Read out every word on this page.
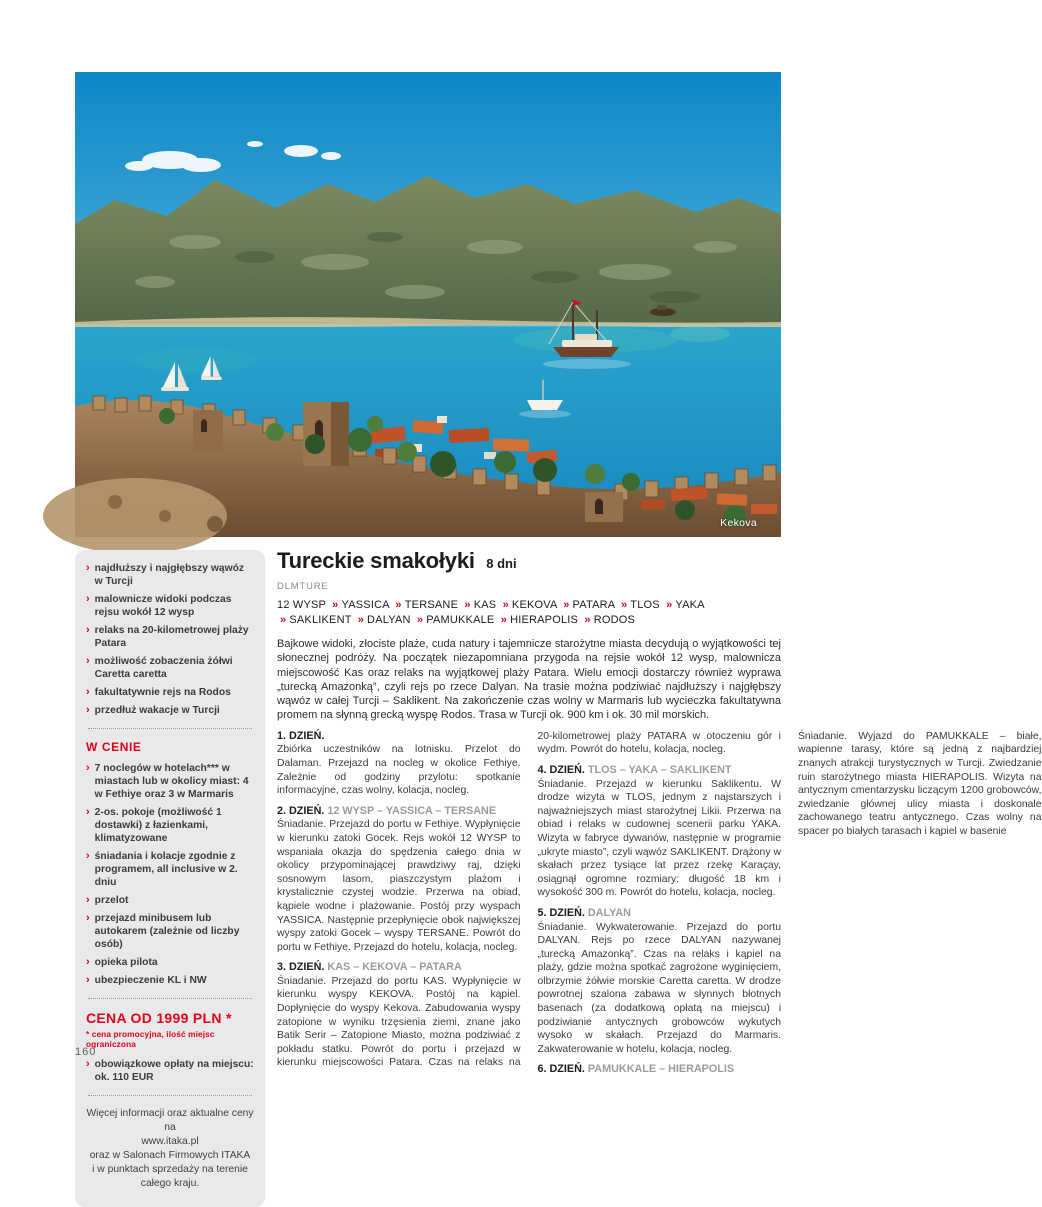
Kekova
› najdłuższy i najgłębszy wąwóz w Turcji
› malownicze widoki podczas rejsu wokół 12 wysp
› relaks na 20-kilometrowej plaży Patara
› możliwość zobaczenia żółwi Caretta caretta
› fakultatywnie rejs na Rodos
› przedłuż wakacje w Turcji
W CENIE
› 7 noclegów w hotelach*** w miastach lub w okolicy miast: 4 w Fethiye oraz 3 w Marmaris
› 2-os. pokoje (możliwość 1 dostawki) z łazienkami, klimatyzowane
› śniadania i kolacje zgodnie z programem, all inclusive w 2. dniu
› przelot
› przejazd minibusem lub autokarem (zależnie od liczby osób)
› opieka pilota
› ubezpieczenie KL i NW
CENA OD 1999 PLN *
* cena promocyjna, ilość miejsc ograniczona
› obowiązkowe opłaty na miejscu: ok. 110 EUR
Więcej informacji oraz aktualne ceny na
www.itaka.pl
oraz w Salonach Firmowych ITAKA
i w punktach sprzedaży na terenie
całego kraju.
Tureckie smakołyki 8 dni
DLMTURE
12 WYSP » YASSICA » TERSANE » KAS » KEKOVA » PATARA » TLOS » YAKA » SAKLIKENT » DALYAN » PAMUKKALE » HIERAPOLIS » RODOS
Bajkowe widoki, złociste plaże, cuda natury i tajemnicze starożytne miasta decydują o wyjątkowości tej słonecznej podróży. Na początek niezapomniana przygoda na rejsie wokół 12 wysp, malownicza miejscowość Kas oraz relaks na wyjątkowej plaży Patara. Wielu emocji dostarczy również wyprawa „turecką Amazonką”, czyli rejs po rzece Dalyan. Na trasie można podziwiać najdłuższy i najgłębszy wąwóz w całej Turcji – Saklikent. Na zakończenie czas wolny w Marmaris lub wycieczka fakultatywna promem na słynną grecką wyspę Rodos. Trasa w Turcji ok. 900 km i ok. 30 mil morskich.
1. DZIEŃ.
Zbiórka uczestników na lotnisku. Przelot do Dalaman. Przejazd na nocleg w okolice Fethiye. Zależnie od godziny przylotu: spotkanie informacyjne, czas wolny, kolacja, nocleg.
2. DZIEŃ. 12 WYSP – YASSICA – TERSANE
Śniadanie. Przejazd do portu w Fethiye. Wypłynięcie w kierunku zatoki Gocek. Rejs wokół 12 WYSP to wspaniała okazja do spędzenia całego dnia w okolicy przypominającej prawdziwy raj, dzięki sosnowym lasom, piaszczystym plażom i krystalicznie czystej wodzie. Przerwa na obiad, kąpiele wodne i plażowanie. Postój przy wyspach YASSICA. Następnie przepłynięcie obok największej wyspy zatoki Gocek – wyspy TERSANE. Powrót do portu w Fethiye. Przejazd do hotelu, kolacja, nocleg.
3. DZIEŃ. KAS – KEKOVA – PATARA
Śniadanie. Przejazd do portu KAS. Wypłynięcie w kierunku wyspy KEKOVA. Postój na kąpiel. Dopłynięcie do wyspy Kekova. Zabudowania wyspy zatopione w wyniku trzęsienia ziemi, znane jako Batik Serir – Zatopione Miasto, można podziwiać z pokładu statku. Powrót do portu i przejazd w kierunku miejscowości Patara. Czas na relaks na 20-kilometrowej plaży PATARA w otoczeniu gór i wydm. Powrót do hotelu, kolacja, nocleg.
4. DZIEŃ. TLOS – YAKA – SAKLIKENT
Śniadanie. Przejazd w kierunku Saklikentu. W drodze wizyta w TLOS, jednym z najstarszych i najważniejszych miast starożytnej Likii. Przerwa na obiad i relaks w cudownej scenerii parku YAKA. Wizyta w fabryce dywanów, następnie w programie „ukryte miasto”, czyli wąwóz SAKLIKENT. Drążony w skałach przez tysiące lat przez rzekę Karaçay, osiągnął ogromne rozmiary: długość 18 km i wysokość 300 m. Powrót do hotelu, kolacja, nocleg.
5. DZIEŃ. DALYAN
Śniadanie. Wykwaterowanie. Przejazd do portu DALYAN. Rejs po rzece DALYAN nazywanej „turecką Amazonką”. Czas na relaks i kąpiel na plaży, gdzie można spotkać zagrożone wyginięciem, olbrzymie żółwie morskie Caretta caretta. W drodze powrotnej szalona zabawa w słynnych błotnych basenach (za dodatkową opłatą na miejscu) i podziwianie antycznych grobowców wykutych wysoko w skałach. Przejazd do Marmaris. Zakwaterowanie w hotelu, kolacja, nocleg.
6. DZIEŃ. PAMUKKALE – HIERAPOLIS
Śniadanie. Wyjazd do PAMUKKALE – białe, wapienne tarasy, które są jedną z najbardziej znanych atrakcji turystycznych w Turcji. Zwiedzanie ruin starożytnego miasta HIERAPOLIS. Wizyta na antycznym cmentarzysku liczącym 1200 grobowców, zwiedzanie głównej ulicy miasta i doskonale zachowanego teatru antycznego. Czas wolny na spacer po białych tarasach i kąpiel w basenie
160
